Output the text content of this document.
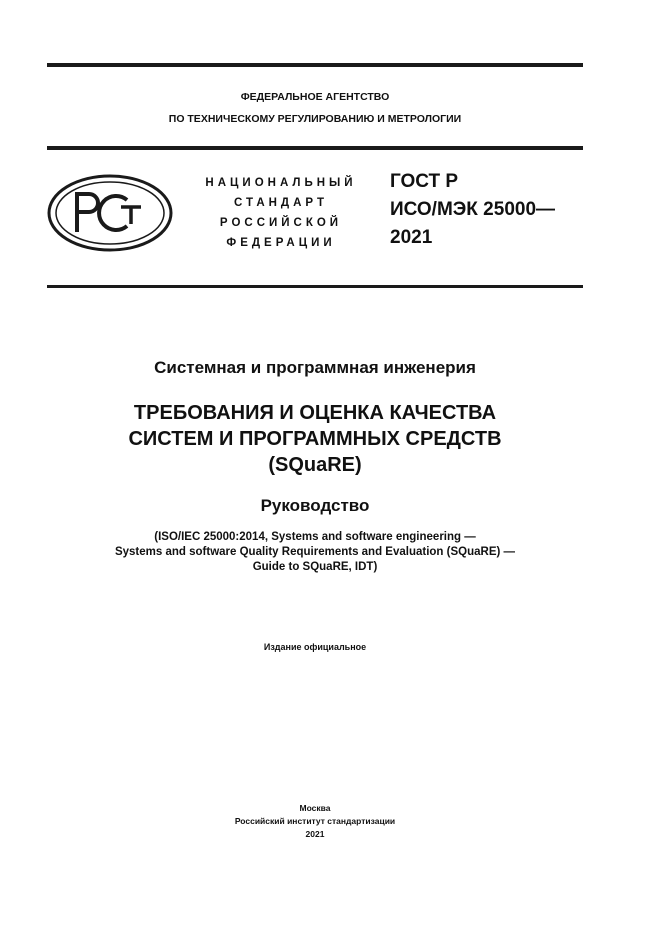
ФЕДЕРАЛЬНОЕ АГЕНТСТВО
ПО ТЕХНИЧЕСКОМУ РЕГУЛИРОВАНИЮ И МЕТРОЛОГИИ
НАЦИОНАЛЬНЫЙ
СТАНДАРТ
РОССИЙСКОЙ
ФЕДЕРАЦИИ
ГОСТ Р
ИСО/МЭК 25000—
2021
Системная и программная инженерия
ТРЕБОВАНИЯ И ОЦЕНКА КАЧЕСТВА
СИСТЕМ И ПРОГРАММНЫХ СРЕДСТВ
(SQuaRE)
Руководство
(ISO/IEC 25000:2014, Systems and software engineering —
Systems and software Quality Requirements and Evaluation (SQuaRE) —
Guide to SQuaRE, IDT)
Издание официальное
Москва
Российский институт стандартизации
2021
